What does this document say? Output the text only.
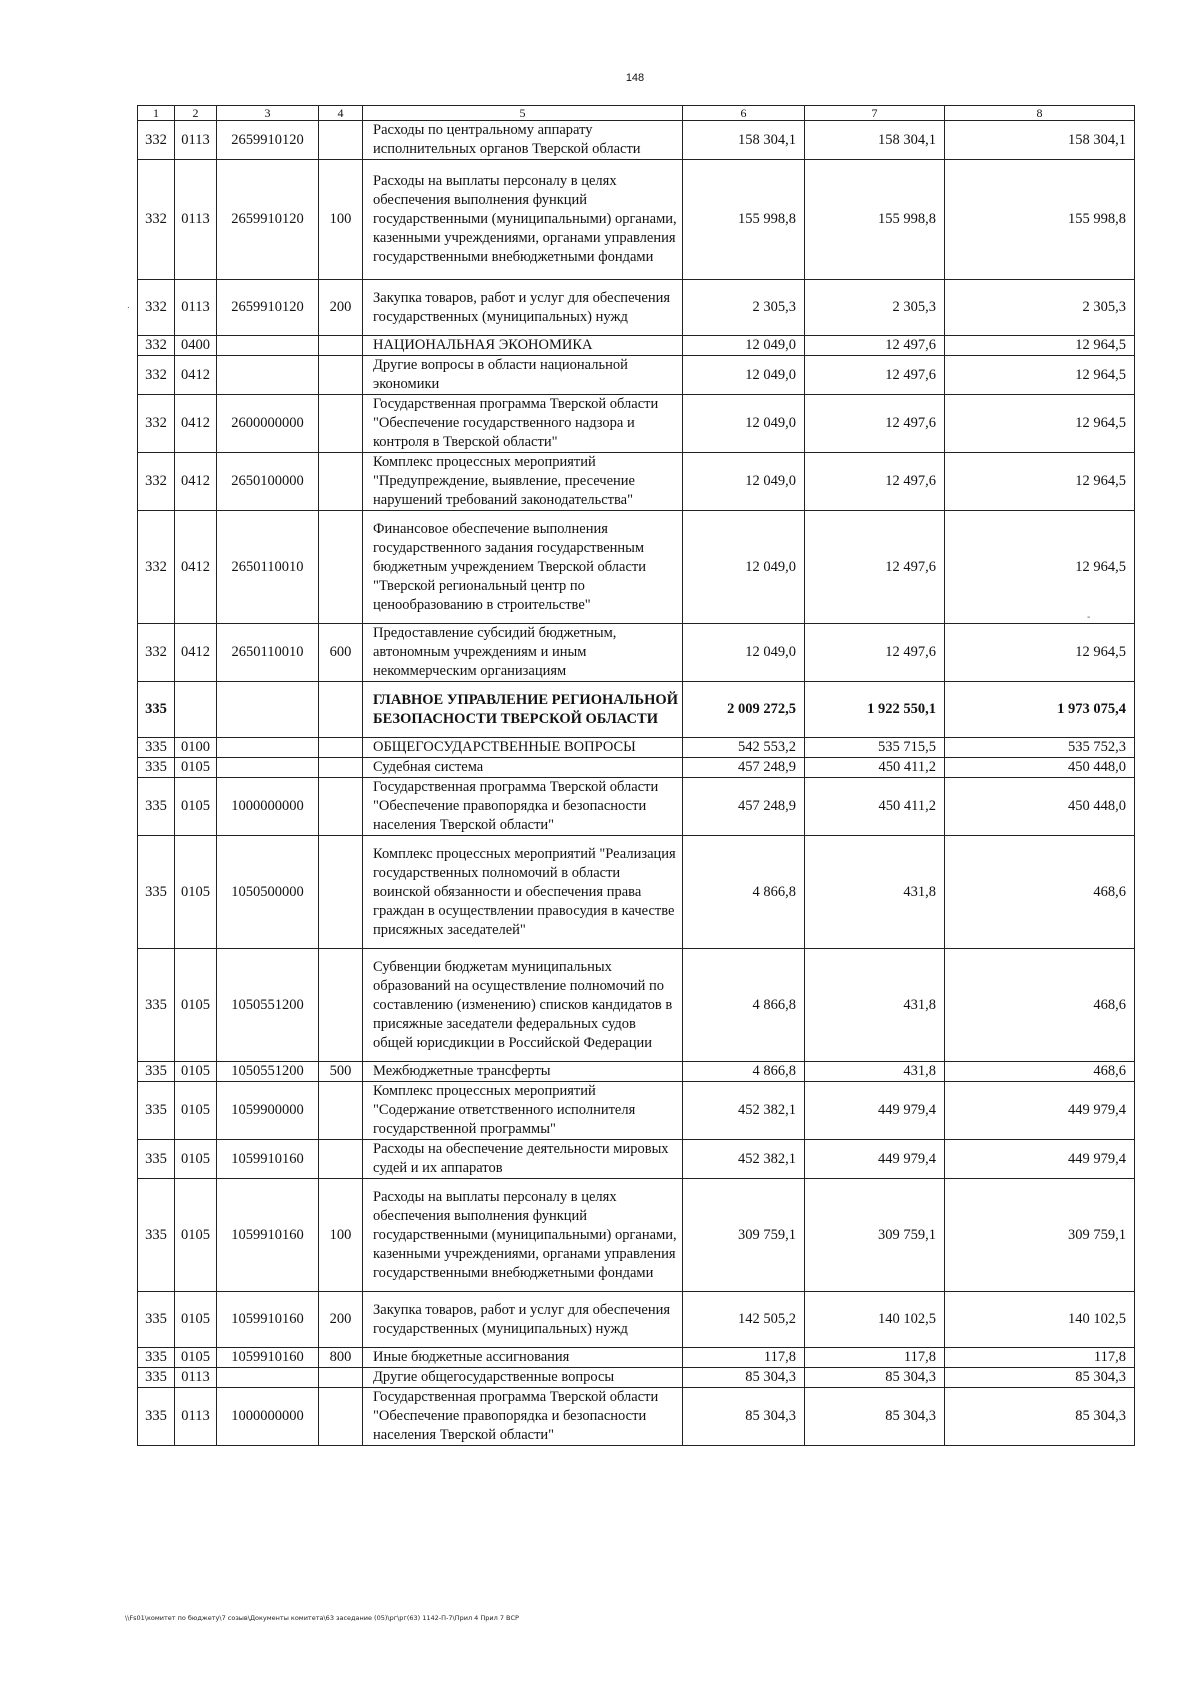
148
1	2	3	4	5	6	7	8
332	0113	2659910120		Расходы по центральному аппарату исполнительных органов Тверской области	158 304,1	158 304,1	158 304,1
332	0113	2659910120	100	Расходы на выплаты персоналу в целях обеспечения выполнения функций государственными (муниципальными) органами, казенными учреждениями, органами управления государственными внебюджетными фондами	155 998,8	155 998,8	155 998,8
332	0113	2659910120	200	Закупка товаров, работ и услуг для обеспечения государственных (муниципальных) нужд	2 305,3	2 305,3	2 305,3
332	0400			НАЦИОНАЛЬНАЯ ЭКОНОМИКА	12 049,0	12 497,6	12 964,5
332	0412			Другие вопросы в области национальной экономики	12 049,0	12 497,6	12 964,5
332	0412	2600000000		Государственная программа Тверской области "Обеспечение государственного надзора и контроля в Тверской области"	12 049,0	12 497,6	12 964,5
332	0412	2650100000		Комплекс процессных мероприятий "Предупреждение, выявление, пресечение нарушений требований законодательства"	12 049,0	12 497,6	12 964,5
332	0412	2650110010		Финансовое обеспечение выполнения государственного задания государственным бюджетным учреждением Тверской области "Тверской региональный центр по ценообразованию в строительстве"	12 049,0	12 497,6	12 964,5
332	0412	2650110010	600	Предоставление субсидий бюджетным, автономным учреждениям и иным некоммерческим организациям	12 049,0	12 497,6	12 964,5
335				ГЛАВНОЕ УПРАВЛЕНИЕ РЕГИОНАЛЬНОЙ БЕЗОПАСНОСТИ ТВЕРСКОЙ ОБЛАСТИ	2 009 272,5	1 922 550,1	1 973 075,4
335	0100			ОБЩЕГОСУДАРСТВЕННЫЕ ВОПРОСЫ	542 553,2	535 715,5	535 752,3
335	0105			Судебная система	457 248,9	450 411,2	450 448,0
335	0105	1000000000		Государственная программа Тверской области "Обеспечение правопорядка и безопасности населения Тверской области"	457 248,9	450 411,2	450 448,0
335	0105	1050500000		Комплекс процессных мероприятий "Реализация государственных полномочий в области воинской обязанности и обеспечения права граждан в осуществлении правосудия в качестве присяжных заседателей"	4 866,8	431,8	468,6
335	0105	1050551200		Субвенции бюджетам муниципальных образований на осуществление полномочий по составлению (изменению) списков кандидатов в присяжные заседатели федеральных судов общей юрисдикции в Российской Федерации	4 866,8	431,8	468,6
335	0105	1050551200	500	Межбюджетные трансферты	4 866,8	431,8	468,6
335	0105	1059900000		Комплекс процессных мероприятий "Содержание ответственного исполнителя государственной программы"	452 382,1	449 979,4	449 979,4
335	0105	1059910160		Расходы на обеспечение деятельности мировых судей и их аппаратов	452 382,1	449 979,4	449 979,4
335	0105	1059910160	100	Расходы на выплаты персоналу в целях обеспечения выполнения функций государственными (муниципальными) органами, казенными учреждениями, органами управления государственными внебюджетными фондами	309 759,1	309 759,1	309 759,1
335	0105	1059910160	200	Закупка товаров, работ и услуг для обеспечения государственных (муниципальных) нужд	142 505,2	140 102,5	140 102,5
335	0105	1059910160	800	Иные бюджетные ассигнования	117,8	117,8	117,8
335	0113			Другие общегосударственные вопросы	85 304,3	85 304,3	85 304,3
335	0113	1000000000		Государственная программа Тверской области "Обеспечение правопорядка и безопасности населения Тверской области"	85 304,3	85 304,3	85 304,3
\\Fs01\комитет по бюджету\7 созыв\Документы комитета\63 заседание (05)\рг\рг(63) 1142-П-7\Прил 4 Прил 7 ВСР
.
-
